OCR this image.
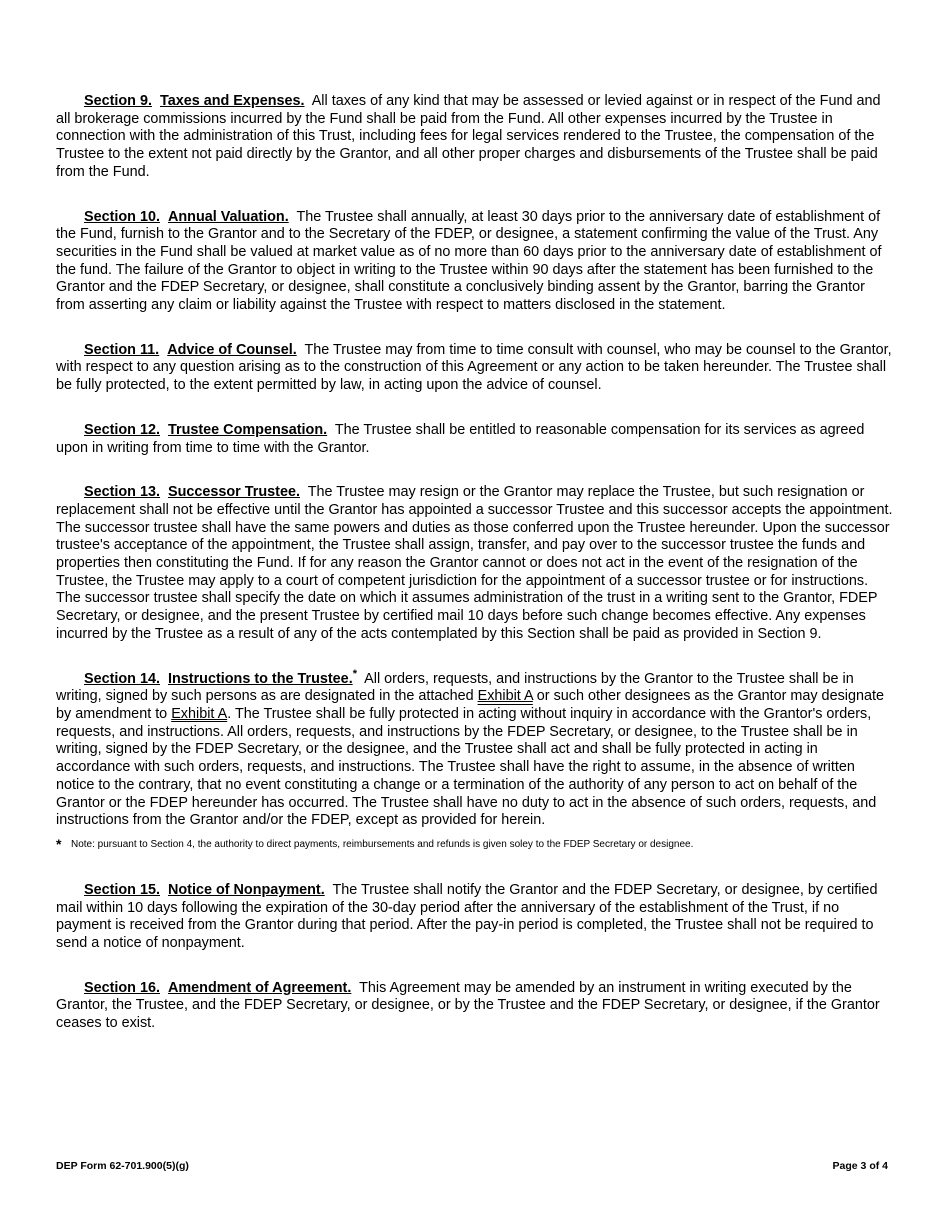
Section 9. Taxes and Expenses. All taxes of any kind that may be assessed or levied against or in respect of the Fund and all brokerage commissions incurred by the Fund shall be paid from the Fund. All other expenses incurred by the Trustee in connection with the administration of this Trust, including fees for legal services rendered to the Trustee, the compensation of the Trustee to the extent not paid directly by the Grantor, and all other proper charges and disbursements of the Trustee shall be paid from the Fund.

Section 10. Annual Valuation. The Trustee shall annually, at least 30 days prior to the anniversary date of establishment of the Fund, furnish to the Grantor and to the Secretary of the FDEP, or designee, a statement confirming the value of the Trust. Any securities in the Fund shall be valued at market value as of no more than 60 days prior to the anniversary date of establishment of the fund. The failure of the Grantor to object in writing to the Trustee within 90 days after the statement has been furnished to the Grantor and the FDEP Secretary, or designee, shall constitute a conclusively binding assent by the Grantor, barring the Grantor from asserting any claim or liability against the Trustee with respect to matters disclosed in the statement.

Section 11. Advice of Counsel. The Trustee may from time to time consult with counsel, who may be counsel to the Grantor, with respect to any question arising as to the construction of this Agreement or any action to be taken hereunder. The Trustee shall be fully protected, to the extent permitted by law, in acting upon the advice of counsel.

Section 12. Trustee Compensation. The Trustee shall be entitled to reasonable compensation for its services as agreed upon in writing from time to time with the Grantor.

Section 13. Successor Trustee. The Trustee may resign or the Grantor may replace the Trustee, but such resignation or replacement shall not be effective until the Grantor has appointed a successor Trustee and this successor accepts the appointment. The successor trustee shall have the same powers and duties as those conferred upon the Trustee hereunder. Upon the successor trustee's acceptance of the appointment, the Trustee shall assign, transfer, and pay over to the successor trustee the funds and properties then constituting the Fund. If for any reason the Grantor cannot or does not act in the event of the resignation of the Trustee, the Trustee may apply to a court of competent jurisdiction for the appointment of a successor trustee or for instructions. The successor trustee shall specify the date on which it assumes administration of the trust in a writing sent to the Grantor, FDEP Secretary, or designee, and the present Trustee by certified mail 10 days before such change becomes effective. Any expenses incurred by the Trustee as a result of any of the acts contemplated by this Section shall be paid as provided in Section 9.

Section 14. Instructions to the Trustee.* All orders, requests, and instructions by the Grantor to the Trustee shall be in writing, signed by such persons as are designated in the attached Exhibit A or such other designees as the Grantor may designate by amendment to Exhibit A. The Trustee shall be fully protected in acting without inquiry in accordance with the Grantor's orders, requests, and instructions. All orders, requests, and instructions by the FDEP Secretary, or designee, to the Trustee shall be in writing, signed by the FDEP Secretary, or the designee, and the Trustee shall act and shall be fully protected in acting in accordance with such orders, requests, and instructions. The Trustee shall have the right to assume, in the absence of written notice to the contrary, that no event constituting a change or a termination of the authority of any person to act on behalf of the Grantor or the FDEP hereunder has occurred. The Trustee shall have no duty to act in the absence of such orders, requests, and instructions from the Grantor and/or the FDEP, except as provided for herein.

* Note: pursuant to Section 4, the authority to direct payments, reimbursements and refunds is given soley to the FDEP Secretary or designee.

Section 15. Notice of Nonpayment. The Trustee shall notify the Grantor and the FDEP Secretary, or designee, by certified mail within 10 days following the expiration of the 30-day period after the anniversary of the establishment of the Trust, if no payment is received from the Grantor during that period. After the pay-in period is completed, the Trustee shall not be required to send a notice of nonpayment.

Section 16. Amendment of Agreement. This Agreement may be amended by an instrument in writing executed by the Grantor, the Trustee, and the FDEP Secretary, or designee, or by the Trustee and the FDEP Secretary, or designee, if the Grantor ceases to exist.

DEP Form 62-701.900(5)(g)	Page 3 of 4
